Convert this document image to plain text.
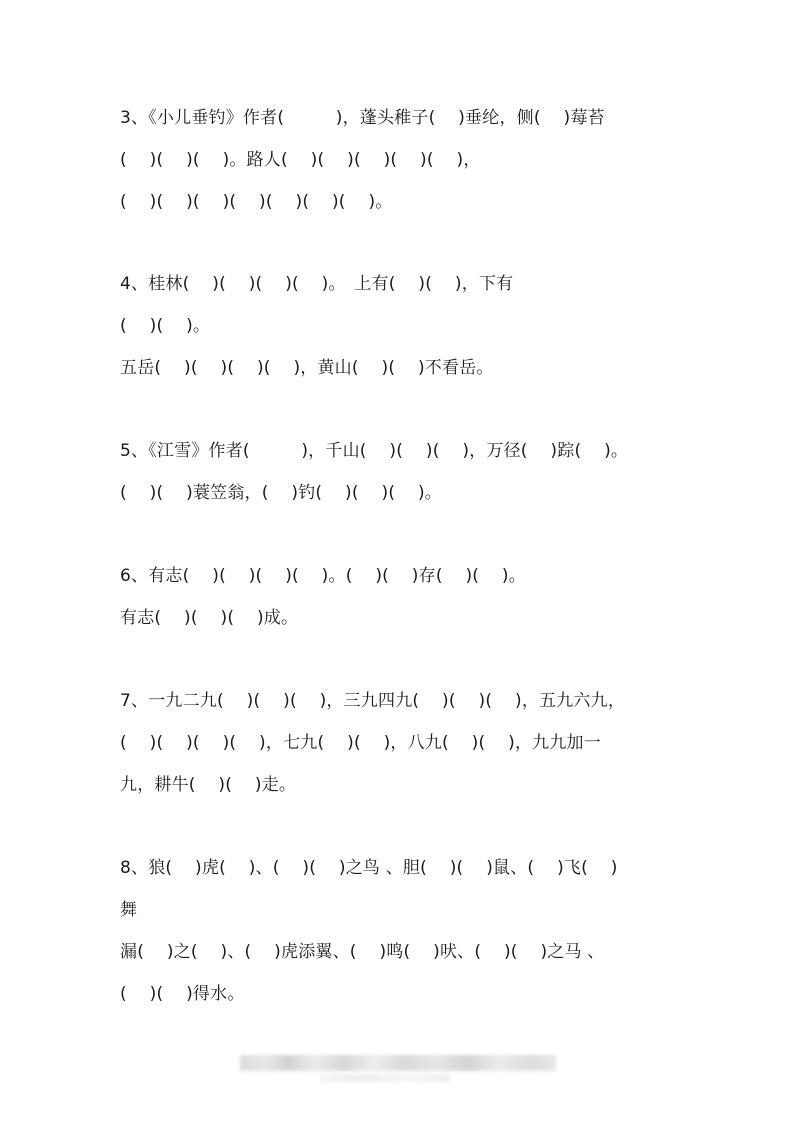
3、《小儿垂钓》作者(　　　)，蓬头稚子(　 )垂纶，侧(　 )莓苔
(　 )(　 )(　 )。路人(　 )(　 )(　 )(　 )(　 )，
(　 )(　 )(　 )(　 )(　 )(　 )(　 )。
4、桂林(　 )(　 )(　 )(　 )。　上有(　 )(　 )，下有
(　 )(　 )。
五岳(　 )(　 )(　 )(　 )，黄山(　 )(　 )不看岳。
5、《江雪》作者(　　　)，千山(　 )(　 )(　 )，万径(　 )踪(　 )。
(　 )(　 )蓑笠翁，(　 )钓(　 )(　 )(　 )。
6、有志(　 )(　 )(　 )(　 )。(　 )(　 )存(　 )(　 )。
有志(　 )(　 )(　 )成。
7、一九二九(　 )(　 )(　 )，三九四九(　 )(　 )(　 )，五九六九，
(　 )(　 )(　 )(　 )，七九(　 )(　 )，八九(　 )(　 )，九九加一
九，耕牛(　 )(　 )走。
8、狼(　 )虎(　 )、(　 )(　 )之鸟 、胆(　 )(　 )鼠、(　 )飞(　 )
舞
漏(　 )之(　 )、(　 )虎添翼、(　 )鸣(　 )吠、(　 )(　 )之马 、
(　 )(　 )得水。
